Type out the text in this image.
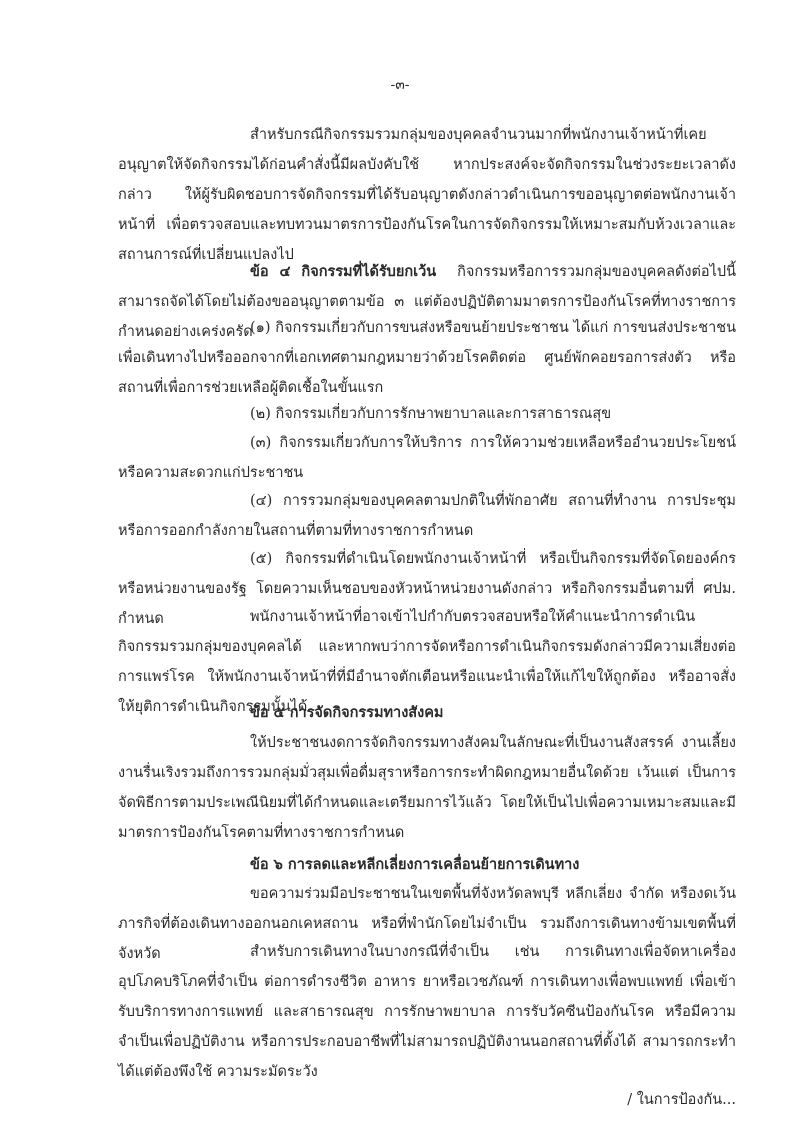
-๓-

สำหรับกรณีกิจกรรมรวมกลุ่มของบุคคลจำนวนมากที่พนักงานเจ้าหน้าที่เคยอนุญาตให้จัดกิจกรรมได้ก่อนคำสั่งนี้มีผลบังคับใช้ หากประสงค์จะจัดกิจกรรมในช่วงระยะเวลาดังกล่าว ให้ผู้รับผิดชอบการจัดกิจกรรมที่ได้รับอนุญาตดังกล่าวดำเนินการขออนุญาตต่อพนักงานเจ้าหน้าที่ เพื่อตรวจสอบและทบทวนมาตรการป้องกันโรคในการจัดกิจกรรมให้เหมาะสมกับห้วงเวลาและสถานการณ์ที่เปลี่ยนแปลงไป

ข้อ ๔ กิจกรรมที่ได้รับยกเว้น กิจกรรมหรือการรวมกลุ่มของบุคคลดังต่อไปนี้ สามารถจัดได้โดยไม่ต้องขออนุญาตตามข้อ ๓ แต่ต้องปฏิบัติตามมาตรการป้องกันโรคที่ทางราชการกำหนดอย่างเคร่งครัด

(๑) กิจกรรมเกี่ยวกับการขนส่งหรือขนย้ายประชาชน ได้แก่ การขนส่งประชาชนเพื่อเดินทางไปหรือออกจากที่เอกเทศตามกฎหมายว่าด้วยโรคติดต่อ ศูนย์พักคอยรอการส่งตัว หรือสถานที่เพื่อการช่วยเหลือผู้ติดเชื้อในขั้นแรก

(๒) กิจกรรมเกี่ยวกับการรักษาพยาบาลและการสาธารณสุข

(๓) กิจกรรมเกี่ยวกับการให้บริการ การให้ความช่วยเหลือหรืออำนวยประโยชน์หรือความสะดวกแก่ประชาชน

(๔) การรวมกลุ่มของบุคคลตามปกติในที่พักอาศัย สถานที่ทำงาน การประชุมหรือการออกกำลังกายในสถานที่ตามที่ทางราชการกำหนด

(๕) กิจกรรมที่ดำเนินโดยพนักงานเจ้าหน้าที่ หรือเป็นกิจกรรมที่จัดโดยองค์กรหรือหน่วยงานของรัฐ โดยความเห็นชอบของหัวหน้าหน่วยงานดังกล่าว หรือกิจกรรมอื่นตามที่ ศปม. กำหนด	พนักงานเจ้าหน้าที่อาจเข้าไปกำกับตรวจสอบหรือให้คำแนะนำการดำเนินกิจกรรมรวมกลุ่มของบุคคลได้ และหากพบว่าการจัดหรือการดำเนินกิจกรรมดังกล่าวมีความเสี่ยงต่อการแพร่โรค ให้พนักงานเจ้าหน้าที่ที่มีอำนาจตักเตือนหรือแนะนำเพื่อให้แก้ไขให้ถูกต้อง หรืออาจสั่งให้ยุติการดำเนินกิจกรรมนั้นได้

ข้อ ๕ การจัดกิจกรรมทางสังคม

ให้ประชาชนงดการจัดกิจกรรมทางสังคมในลักษณะที่เป็นงานสังสรรค์ งานเลี้ยง งานรื่นเริงรวมถึงการรวมกลุ่มมั่วสุมเพื่อดื่มสุราหรือการกระทำผิดกฎหมายอื่นใดด้วย เว้นแต่ เป็นการจัดพิธีการตามประเพณีนิยมที่ได้กำหนดและเตรียมการไว้แล้ว โดยให้เป็นไปเพื่อความเหมาะสมและมีมาตรการป้องกันโรคตามที่ทางราชการกำหนด

ข้อ ๖ การลดและหลีกเลี่ยงการเคลื่อนย้ายการเดินทาง

ขอความร่วมมือประชาชนในเขตพื้นที่จังหวัดลพบุรี หลีกเลี่ยง จำกัด หรืองดเว้นภารกิจที่ต้องเดินทางออกนอกเคหสถาน หรือที่พำนักโดยไม่จำเป็น รวมถึงการเดินทางข้ามเขตพื้นที่จังหวัด	สำหรับการเดินทางในบางกรณีที่จำเป็น เช่น การเดินทางเพื่อจัดหาเครื่องอุปโภคบริโภคที่จำเป็น ต่อการดำรงชีวิต อาหาร ยาหรือเวชภัณฑ์ การเดินทางเพื่อพบแพทย์ เพื่อเข้ารับบริการทางการแพทย์ และสาธารณสุข การรักษาพยาบาล การรับวัคซีนป้องกันโรค หรือมีความจำเป็นเพื่อปฏิบัติงาน หรือการประกอบอาชีพที่ไม่สามารถปฏิบัติงานนอกสถานที่ตั้งได้ สามารถกระทำได้แต่ต้องพึงใช้ ความระมัดระวัง

/ ในการป้องกัน...
